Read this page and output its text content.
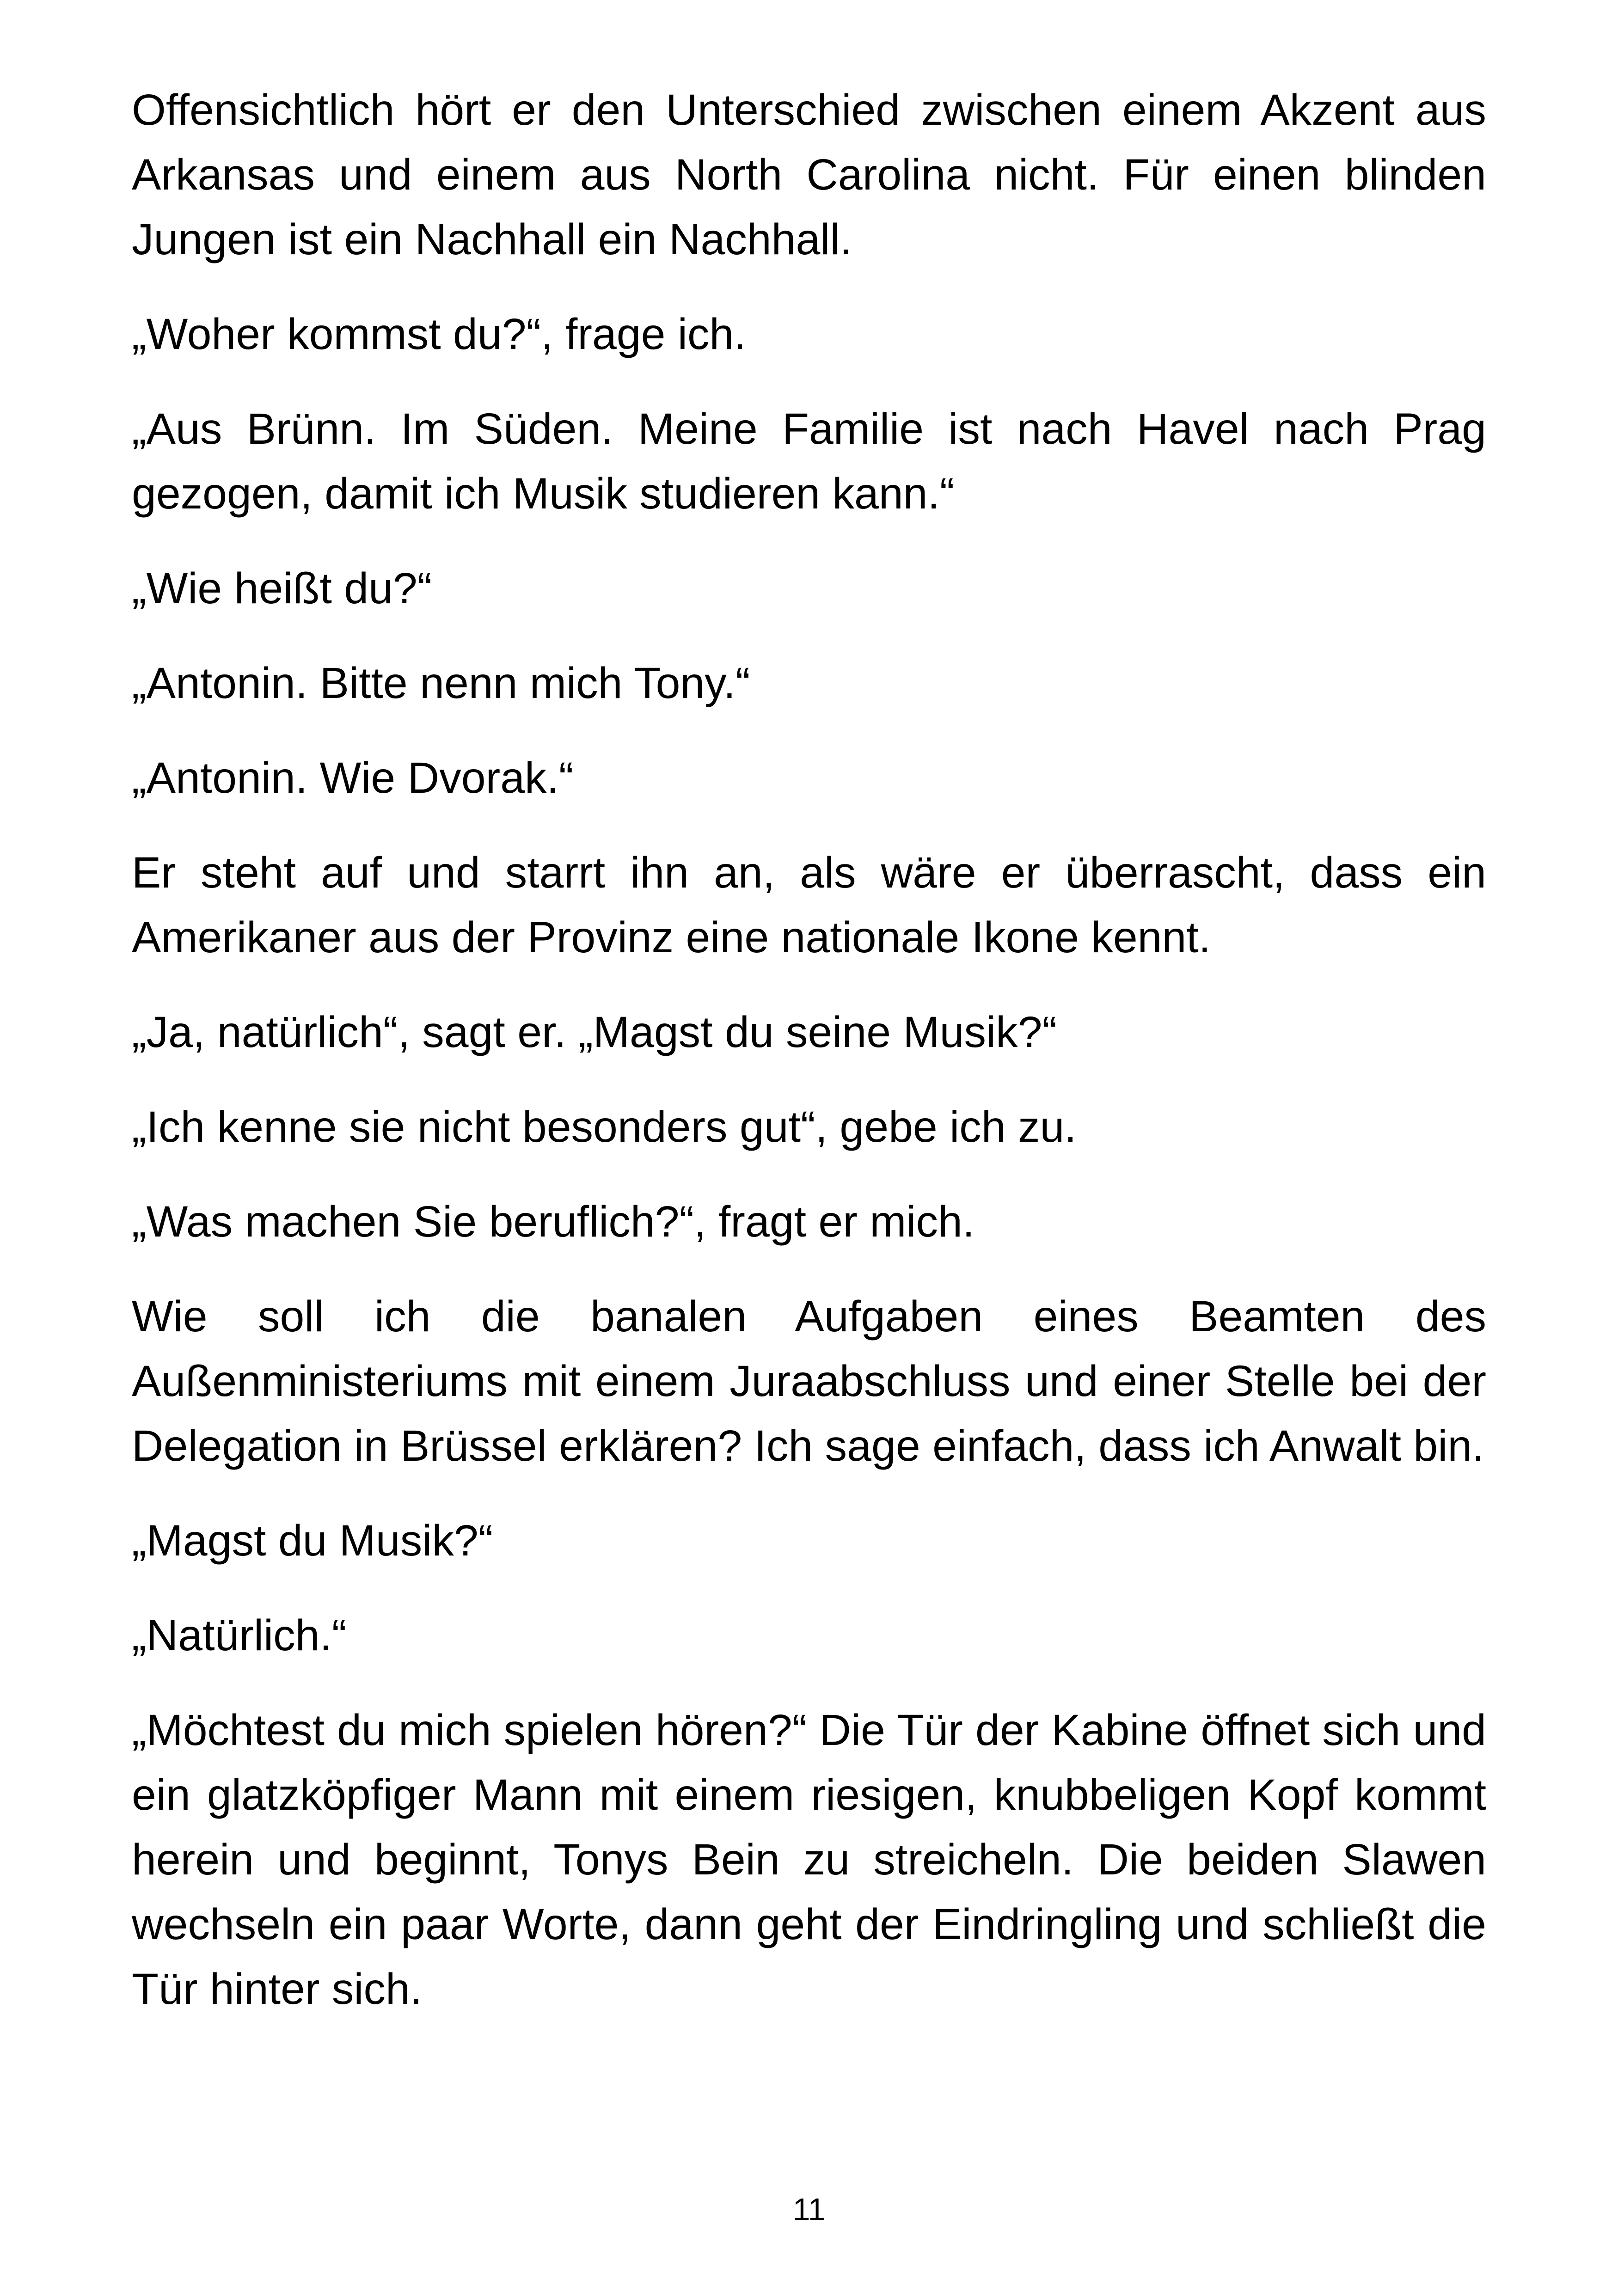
Offensichtlich hört er den Unterschied zwischen einem Akzent aus Arkansas und einem aus North Carolina nicht. Für einen blinden Jungen ist ein Nachhall ein Nachhall.

„Woher kommst du?“, frage ich.

„Aus Brünn. Im Süden. Meine Familie ist nach Havel nach Prag gezogen, damit ich Musik studieren kann.“

„Wie heißt du?“

„Antonin. Bitte nenn mich Tony.“

„Antonin. Wie Dvorak.“

Er steht auf und starrt ihn an, als wäre er überrascht, dass ein Amerikaner aus der Provinz eine nationale Ikone kennt.

„Ja, natürlich“, sagt er. „Magst du seine Musik?“

„Ich kenne sie nicht besonders gut“, gebe ich zu.

„Was machen Sie beruflich?“, fragt er mich.

Wie soll ich die banalen Aufgaben eines Beamten des Außenministeriums mit einem Juraabschluss und einer Stelle bei der Delegation in Brüssel erklären? Ich sage einfach, dass ich Anwalt bin.

„Magst du Musik?“

„Natürlich.“

„Möchtest du mich spielen hören?“ Die Tür der Kabine öffnet sich und ein glatzköpfiger Mann mit einem riesigen, knubbeligen Kopf kommt herein und beginnt, Tonys Bein zu streicheln. Die beiden Slawen wechseln ein paar Worte, dann geht der Eindringling und schließt die Tür hinter sich.

11
